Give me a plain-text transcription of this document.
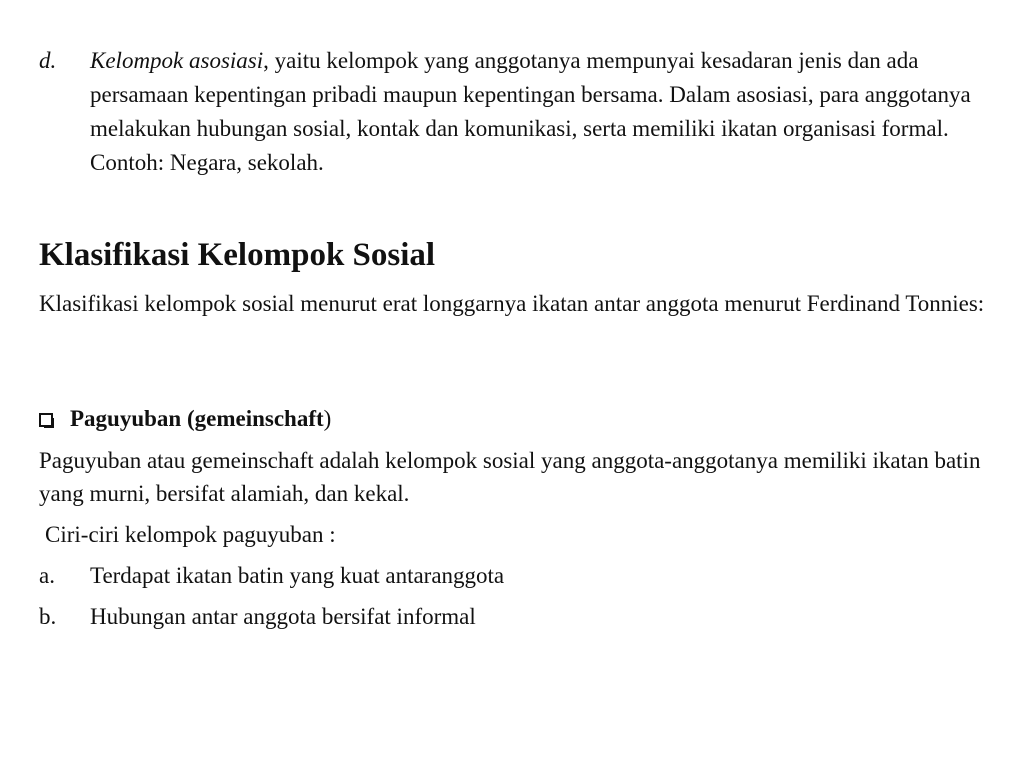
d. Kelompok asosiasi, yaitu kelompok yang anggotanya mempunyai kesadaran jenis dan ada persamaan kepentingan pribadi maupun kepentingan bersama. Dalam asosiasi, para anggotanya melakukan hubungan sosial, kontak dan komunikasi, serta memiliki ikatan organisasi formal. Contoh: Negara, sekolah.
Klasifikasi Kelompok Sosial
Klasifikasi kelompok sosial menurut erat longgarnya ikatan antar anggota menurut Ferdinand Tonnies:
Paguyuban (gemeinschaft)
Paguyuban atau gemeinschaft adalah kelompok sosial yang anggota-anggotanya memiliki ikatan batin yang murni, bersifat alamiah, dan kekal.
Ciri-ciri kelompok paguyuban :
a. Terdapat ikatan batin yang kuat antaranggota
b. Hubungan antar anggota bersifat informal
